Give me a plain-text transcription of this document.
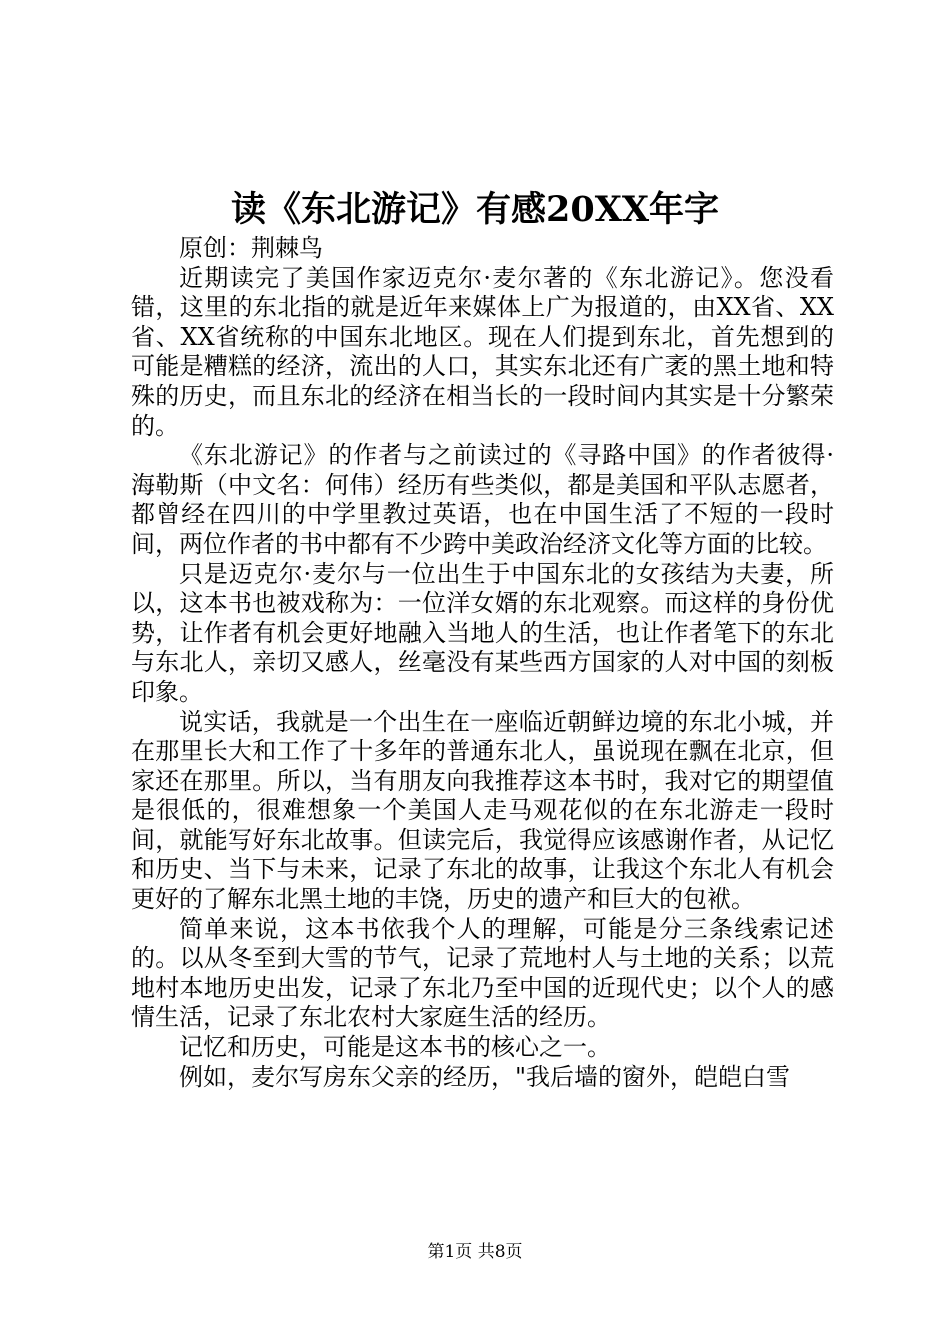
读《东北游记》有感20XX年字

原创：荆棘鸟

近期读完了美国作家迈克尔·麦尔著的《东北游记》。您没看错，这里的东北指的就是近年来媒体上广为报道的，由XX省、XX省、XX省统称的中国东北地区。现在人们提到东北，首先想到的可能是糟糕的经济，流出的人口，其实东北还有广袤的黑土地和特殊的历史，而且东北的经济在相当长的一段时间内其实是十分繁荣的。

《东北游记》的作者与之前读过的《寻路中国》的作者彼得·海勒斯（中文名：何伟）经历有些类似，都是美国和平队志愿者，都曾经在四川的中学里教过英语，也在中国生活了不短的一段时间，两位作者的书中都有不少跨中美政治经济文化等方面的比较。

只是迈克尔·麦尔与一位出生于中国东北的女孩结为夫妻，所以，这本书也被戏称为：一位洋女婿的东北观察。而这样的身份优势，让作者有机会更好地融入当地人的生活，也让作者笔下的东北与东北人，亲切又感人，丝毫没有某些西方国家的人对中国的刻板印象。

说实话，我就是一个出生在一座临近朝鲜边境的东北小城，并在那里长大和工作了十多年的普通东北人，虽说现在飘在北京，但家还在那里。所以，当有朋友向我推荐这本书时，我对它的期望值是很低的，很难想象一个美国人走马观花似的在东北游走一段时间，就能写好东北故事。但读完后，我觉得应该感谢作者，从记忆和历史、当下与未来，记录了东北的故事，让我这个东北人有机会更好的了解东北黑土地的丰饶，历史的遗产和巨大的包袱。

简单来说，这本书依我个人的理解，可能是分三条线索记述的。以从冬至到大雪的节气，记录了荒地村人与土地的关系；以荒地村本地历史出发，记录了东北乃至中国的近现代史；以个人的感情生活，记录了东北农村大家庭生活的经历。

记忆和历史，可能是这本书的核心之一。

例如，麦尔写房东父亲的经历，"我后墙的窗外，皑皑白雪

第1页 共8页
